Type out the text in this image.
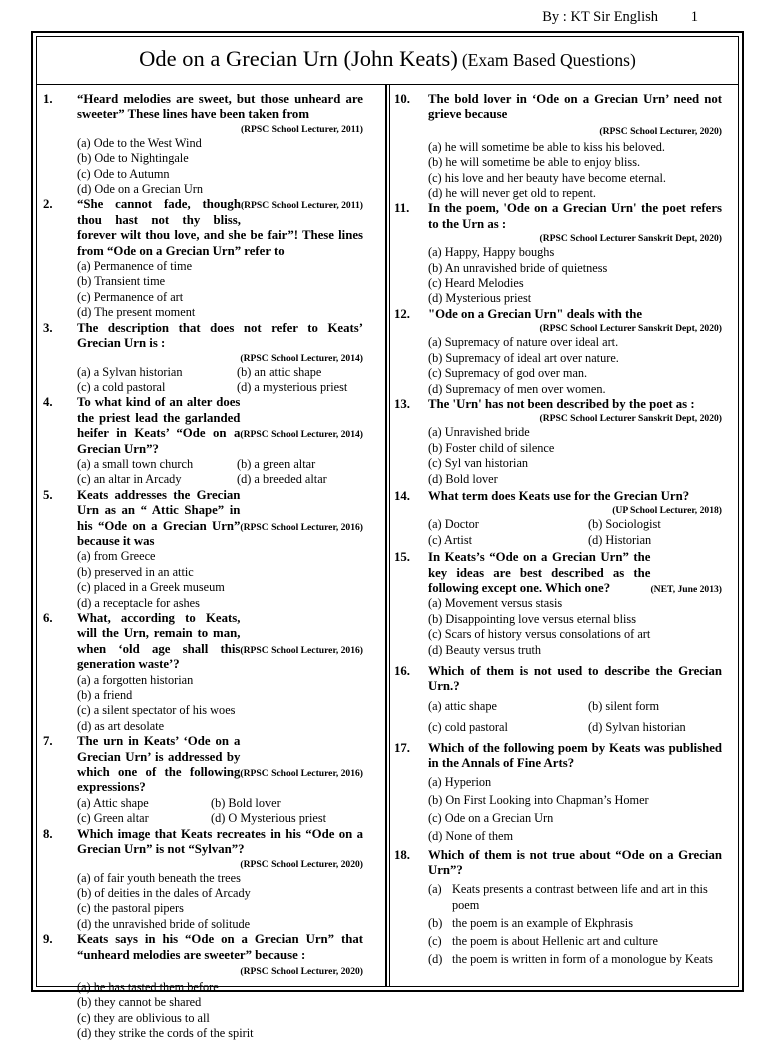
By : KT Sir English 1
Ode on a Grecian Urn (John Keats) (Exam Based Questions)
1. “Heard melodies are sweet, but those unheard are sweeter” These lines have been taken from
(RPSC School Lecturer, 2011)
(a) Ode to the West Wind
(b) Ode to Nightingale
(c) Ode to Autumn
(d) Ode on a Grecian Urn
2.	(RPSC School Lecturer, 2011)
“She cannot fade, though thou hast not thy bliss, forever wilt thou love, and she be fair”! These lines from “Ode on a Grecian Urn” refer to
(a) Permanence of time
(b) Transient time
(c) Permanence of art
(d) The present moment
3. The description that does not refer to Keats’ Grecian Urn is :
(RPSC School Lecturer, 2014)
(a) a Sylvan historian	(b) an attic shape
(c) a cold pastoral	(d) a mysterious priest
4.
(RPSC School Lecturer, 2014)
To what kind of an alter does the priest lead the garlanded heifer in Keats’ “Ode on a Grecian Urn”?
(a) a small town church	(b) a green altar
(c) an altar in Arcady	(d) a breeded altar
5.
(RPSC School Lecturer, 2016)
Keats addresses the Grecian Urn as an “ Attic Shape” in his “Ode on a Grecian Urn” because it was
(a) from Greece
(b) preserved in an attic
(c) placed in a Greek museum
(d) a receptacle for ashes
6.
(RPSC School Lecturer, 2016)
What, according to Keats, will the Urn, remain to man, when ‘old age shall this generation waste’?
(a) a forgotten historian
(b) a friend
(c) a silent spectator of his woes
(d) as art desolate
7.
(RPSC School Lecturer, 2016)
The urn in Keats’ ‘Ode on a Grecian Urn’ is addressed by which one of the following expressions?
(a) Attic shape	(b) Bold lover
(c) Green altar	(d) O Mysterious priest
8. Which image that Keats recreates in his “Ode on a Grecian Urn” is not “Sylvan”?
(RPSC School Lecturer, 2020)
(a) of fair youth beneath the trees
(b) of deities in the dales of Arcady
(c) the pastoral pipers
(d) the unravished bride of solitude
9. Keats says in his “Ode on a Grecian Urn” that “unheard melodies are sweeter” because :
(RPSC School Lecturer, 2020)
(a) he has tasted them before
(b) they cannot be shared
(c) they are oblivious to all
(d) they strike the cords of the spirit
10. The bold lover in ‘Ode on a Grecian Urn’ need not grieve because
(RPSC School Lecturer, 2020)
(a) he will sometime be able to kiss his beloved.
(b) he will sometime be able to enjoy bliss.
(c) his love and her beauty have become eternal.
(d) he will never get old to repent.
11. In the poem, 'Ode on a Grecian Urn' the poet refers to the Urn as :
(RPSC School Lecturer Sanskrit Dept, 2020)
(a) Happy, Happy boughs
(b) An unravished bride of quietness
(c) Heard Melodies
(d) Mysterious priest
12. "Ode on a Grecian Urn" deals with the
(RPSC School Lecturer Sanskrit Dept, 2020)
(a) Supremacy of nature over ideal art.
(b) Supremacy of ideal art over nature.
(c) Supremacy of god over man.
(d) Supremacy of men over women.
13. The 'Urn' has not been described by the poet as :
(RPSC School Lecturer Sanskrit Dept, 2020)
(a) Unravished bride
(b) Foster child of silence
(c) Syl van historian
(d) Bold lover
14. What term does Keats use for the Grecian Urn?
(UP School Lecturer, 2018)
(a) Doctor	(b) Sociologist
(c) Artist	(d) Historian
15.
(NET, June 2013)
In Keats’s “Ode on a Grecian Urn” the key ideas are best described as the following except one. Which one?
(a) Movement versus stasis
(b) Disappointing love versus eternal bliss
(c) Scars of history versus consolations of art
(d) Beauty versus truth
16. Which of them is not used to describe the Grecian Urn.?
(a) attic shape	(b) silent form
(c) cold pastoral	(d) Sylvan historian
17. Which of the following poem by Keats was published in the Annals of Fine Arts?
(a) Hyperion
(b) On First Looking into Chapman’s Homer
(c) Ode on a Grecian Urn
(d) None of them
18. Which of them is not true about “Ode on a Grecian Urn”?
(a) Keats presents a contrast between life and art in this poem
(b) the poem is an example of Ekphrasis
(c) the poem is about Hellenic art and culture
(d) the poem is written in form of a monologue by Keats
